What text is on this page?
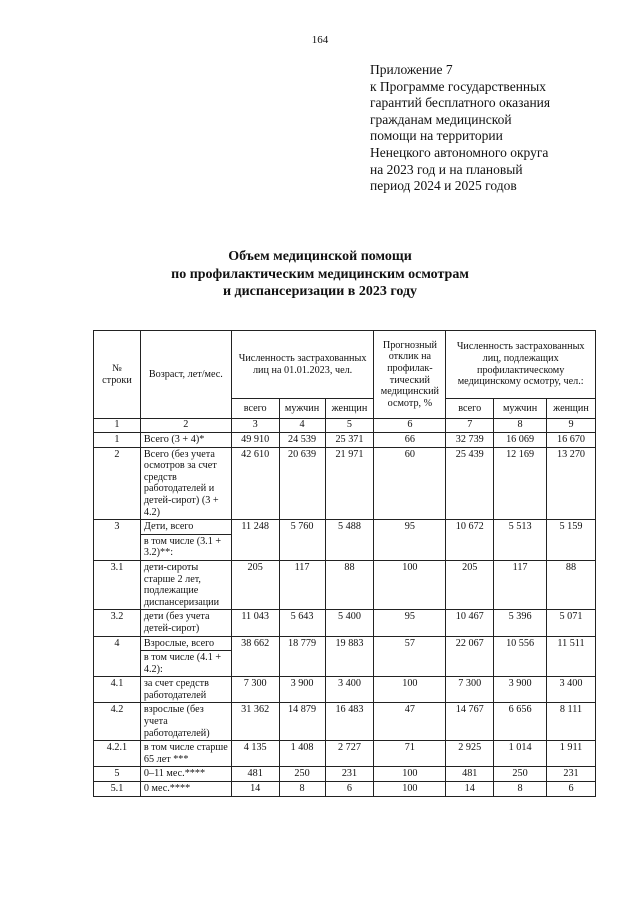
164
Приложение 7
к Программе государственных
гарантий бесплатного оказания
гражданам медицинской
помощи на территории
Ненецкого автономного округа
на 2023 год и на плановый
период 2024 и 2025 годов
Объем медицинской помощи
по профилактическим медицинским осмотрам
и диспансеризации в 2023 году
№ строки	Возраст, лет/мес.	Численность застрахованных лиц на 01.01.2023, чел.			Прогнозный отклик на профилак-тический медицинский осмотр, %	Численность застрахованных лиц, подлежащих профилактическому медицинскому осмотру, чел.:		
		всего	мужчин	женщин		всего	мужчин	женщин
1	2	3	4	5	6	7	8	9
1	Всего (3 + 4)*	49 910	24 539	25 371	66	32 739	16 069	16 670
2	Всего (без учета осмотров за счет средств работодателей и детей-сирот) (3 + 4.2)	42 610	20 639	21 971	60	25 439	12 169	13 270
3	Дети, всего	11 248	5 760	5 488	95	10 672	5 513	5 159
	в том числе (3.1 + 3.2)**:							
3.1	дети-сироты старше 2 лет, подлежащие диспансеризации	205	117	88	100	205	117	88
3.2	дети (без учета детей-сирот)	11 043	5 643	5 400	95	10 467	5 396	5 071
4	Взрослые, всего	38 662	18 779	19 883	57	22 067	10 556	11 511
	в том числе (4.1 + 4.2):							
4.1	за счет средств работодателей	7 300	3 900	3 400	100	7 300	3 900	3 400
4.2	взрослые (без учета работодателей)	31 362	14 879	16 483	47	14 767	6 656	8 111
4.2.1	в том числе старше 65 лет ***	4 135	1 408	2 727	71	2 925	1 014	1 911
5	0–11 мес.****	481	250	231	100	481	250	231
5.1	0 мес.****	14	8	6	100	14	8	6
